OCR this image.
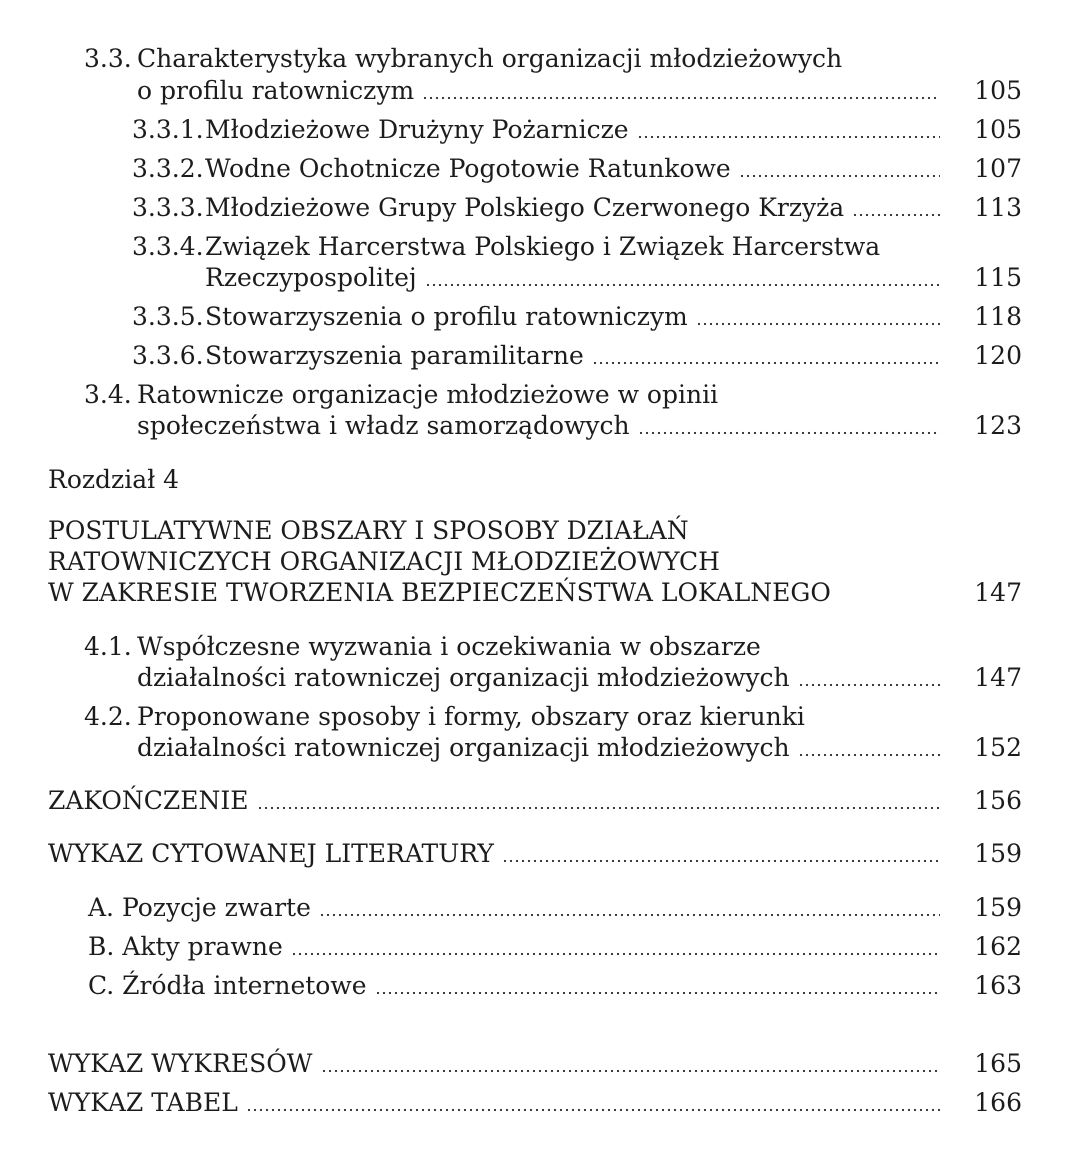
3.3. Charakterystyka wybranych organizacji młodzieżowych
o profilu ratowniczym	105
3.3.1. Młodzieżowe Drużyny Pożarnicze	105
3.3.2. Wodne Ochotnicze Pogotowie Ratunkowe	107
3.3.3. Młodzieżowe Grupy Polskiego Czerwonego Krzyża	113
3.3.4. Związek Harcerstwa Polskiego i Związek Harcerstwa
Rzeczypospolitej	115
3.3.5. Stowarzyszenia o profilu ratowniczym	118
3.3.6. Stowarzyszenia paramilitarne	120
3.4. Ratownicze organizacje młodzieżowe w opinii
społeczeństwa i władz samorządowych	123
Rozdział 4
POSTULATYWNE OBSZARY I SPOSOBY DZIAŁAŃ
RATOWNICZYCH ORGANIZACJI MŁODZIEŻOWYCH
W ZAKRESIE TWORZENIA BEZPIECZEŃSTWA LOKALNEGO	147
4.1. Współczesne wyzwania i oczekiwania w obszarze
działalności ratowniczej organizacji młodzieżowych	147
4.2. Proponowane sposoby i formy, obszary oraz kierunki
działalności ratowniczej organizacji młodzieżowych	152
ZAKOŃCZENIE	156
WYKAZ CYTOWANEJ LITERATURY	159
A. Pozycje zwarte	159
B. Akty prawne	162
C. Źródła internetowe	163
WYKAZ WYKRESÓW	165
WYKAZ TABEL	166
